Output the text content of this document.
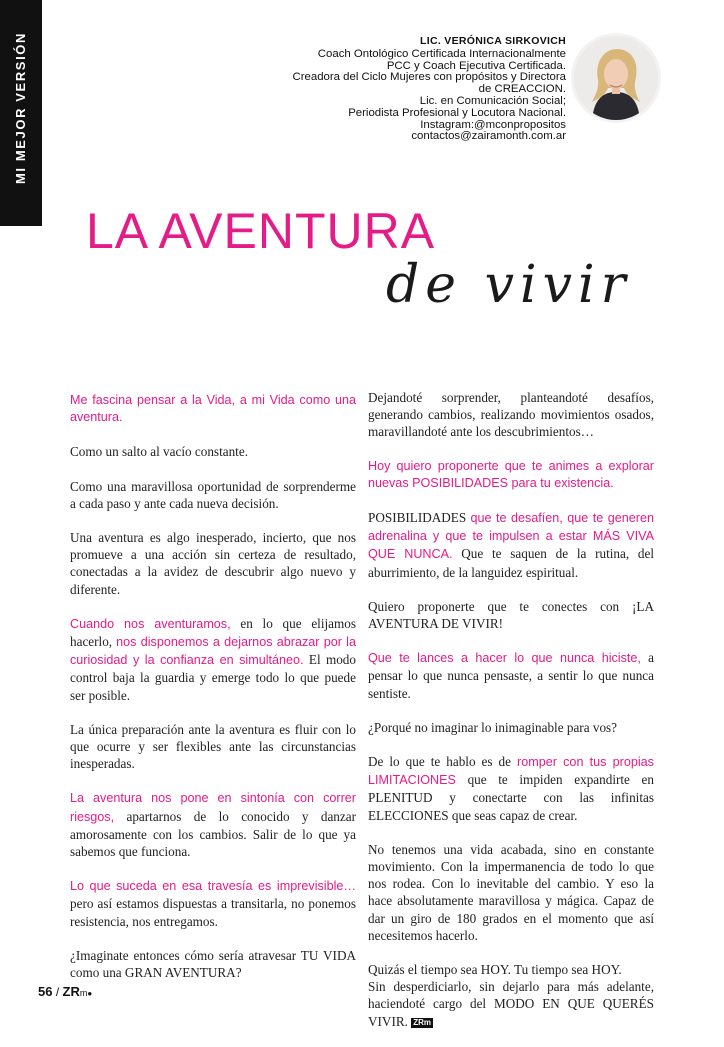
MI MEJOR VERSIÓN	LIC. VERÓNICA SIRKOVICH

Coach Ontológico Certificada Internacionalmente

PCC y Coach Ejecutiva Certificada.

Creadora del Ciclo Mujeres con propósitos y Directora

de CREACCION.

Lic. en Comunicación Social;

Periodista Profesional y Locutora Nacional.

Instagram:@mconpropositos

contactos@zairamonth.com.ar

LA AVENTURA
de vivir

Me fascina pensar a la Vida, a mi Vida como una aventura.

Como un salto al vacío constante.

Como una maravillosa oportunidad de sorprenderme a cada paso y ante cada nueva decisión.

Una aventura es algo inesperado, incierto, que nos promueve a una acción sin certeza de resultado, conectadas a la avidez de descubrir algo nuevo y diferente.

Cuando nos aventuramos, en lo que elijamos hacerlo, nos disponemos a dejarnos abrazar por la curiosidad y la confianza en simultáneo. El modo control baja la guardia y emerge todo lo que puede ser posible.

La única preparación ante la aventura es fluir con lo que ocurre y ser flexibles ante las circunstancias inesperadas.

La aventura nos pone en sintonía con correr riesgos, apartarnos de lo conocido y danzar amorosamente con los cambios. Salir de lo que ya sabemos que funciona.

Lo que suceda en esa travesía es imprevisible… pero así estamos dispuestas a transitarla, no ponemos resistencia, nos entregamos.

¿Imaginate entonces cómo sería atravesar TU VIDA como una GRAN AVENTURA?

Dejandoté sorprender, planteandoté desafíos, generando cambios, realizando movimientos osados, maravillandoté ante los descubrimientos…

Hoy quiero proponerte que te animes a explorar nuevas POSIBILIDADES para tu existencia.

POSIBILIDADES que te desafíen, que te generen adrenalina y que te impulsen a estar MÁS VIVA QUE NUNCA. Que te saquen de la rutina, del aburrimiento, de la languidez espiritual.

Quiero proponerte que te conectes con ¡LA AVENTURA DE VIVIR!

Que te lances a hacer lo que nunca hiciste, a pensar lo que nunca pensaste, a sentir lo que nunca sentiste.

¿Porqué no imaginar lo inimaginable para vos?

De lo que te hablo es de romper con tus propias LIMITACIONES que te impiden expandirte en PLENITUD y conectarte con las infinitas ELECCIONES que seas capaz de crear.

No tenemos una vida acabada, sino en constante movimiento. Con la impermanencia de todo lo que nos rodea. Con lo inevitable del cambio. Y eso la hace absolutamente maravillosa y mágica. Capaz de dar un giro de 180 grados en el momento que así necesitemos hacerlo.

Quizás el tiempo sea HOY. Tu tiempo sea HOY.

Sin desperdiciarlo, sin dejarlo para más adelante, haciendoté cargo del MODO EN QUE QUERÉS VIVIR. ZRm

56 / ZRm●
